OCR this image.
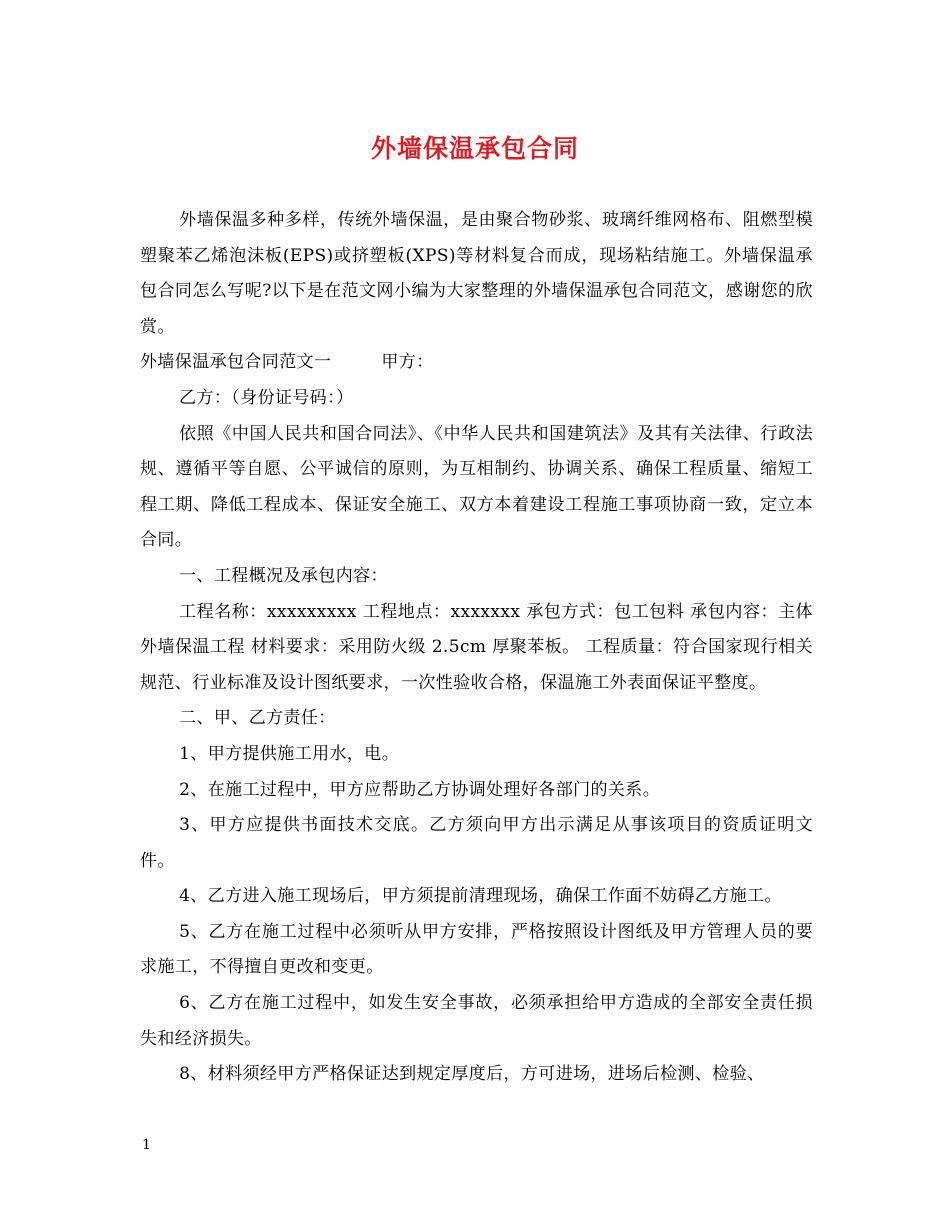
外墙保温承包合同

外墙保温多种多样，传统外墙保温，是由聚合物砂浆、玻璃纤维网格布、阻燃型模塑聚苯乙烯泡沫板(EPS)或挤塑板(XPS)等材料复合而成，现场粘结施工。外墙保温承包合同怎么写呢?以下是在范文网小编为大家整理的外墙保温承包合同范文，感谢您的欣赏。

外墙保温承包合同范文一	甲方：

乙方：（身份证号码：）

依照《中国人民共和国合同法》、《中华人民共和国建筑法》及其有关法律、行政法规、遵循平等自愿、公平诚信的原则，为互相制约、协调关系、确保工程质量、缩短工程工期、降低工程成本、保证安全施工、双方本着建设工程施工事项协商一致，定立本合同。

一、工程概况及承包内容：

工程名称：xxxxxxxxx 工程地点：xxxxxxx 承包方式：包工包料 承包内容：主体外墙保温工程 材料要求：采用防火级 2.5cm 厚聚苯板。 工程质量：符合国家现行相关规范、行业标准及设计图纸要求，一次性验收合格，保温施工外表面保证平整度。

二、甲、乙方责任：

1、甲方提供施工用水，电。

2、在施工过程中，甲方应帮助乙方协调处理好各部门的关系。

3、甲方应提供书面技术交底。乙方须向甲方出示满足从事该项目的资质证明文件。

4、乙方进入施工现场后，甲方须提前清理现场，确保工作面不妨碍乙方施工。

5、乙方在施工过程中必须听从甲方安排，严格按照设计图纸及甲方管理人员的要求施工，不得擅自更改和变更。

6、乙方在施工过程中，如发生安全事故，必须承担给甲方造成的全部安全责任损失和经济损失。

8、材料须经甲方严格保证达到规定厚度后，方可进场，进场后检测、检验、

1
